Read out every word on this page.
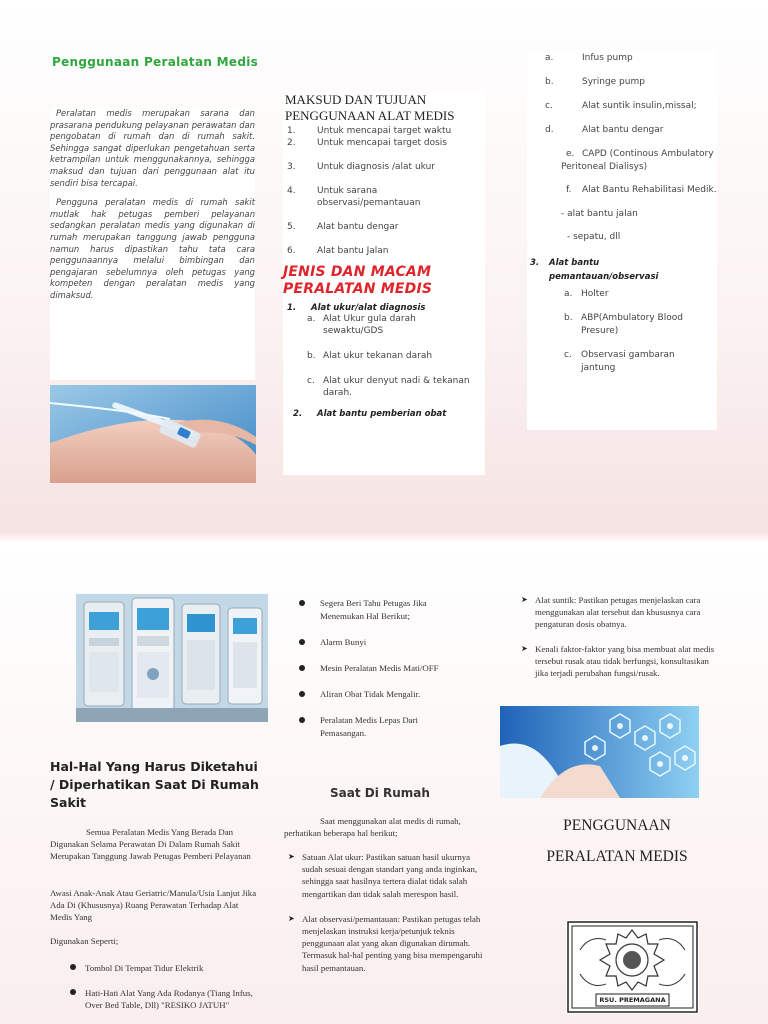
Penggunaan Peralatan Medis

Peralatan medis merupakan sarana dan prasarana pendukung pelayanan perawatan dan pengobatan di rumah dan di rumah sakit. Sehingga sangat diperlukan pengetahuan serta ketrampilan untuk menggunakannya, sehingga maksud dan tujuan dari penggunaan alat itu sendiri bisa tercapai.

Pengguna peralatan medis di rumah sakit mutlak hak petugas pemberi pelayanan sedangkan peralatan medis yang digunakan di rumah merupakan tanggung jawab pengguna namun harus dipastikan tahu tata cara penggunaannya melalui bimbingan dan pengajaran sebelumnya oleh petugas yang kompeten dengan peralatan medis yang dimaksud.

MAKSUD DAN TUJUAN PENGGUNAAN ALAT MEDIS
1. Untuk mencapai target waktu
2. Untuk mencapai target dosis
3. Untuk diagnosis /alat ukur
4. Untuk sarana observasi/pemantauan
5. Alat bantu dengar
6. Alat bantu Jalan
JENIS DAN MACAM PERALATAN MEDIS
1. Alat ukur/alat diagnosis
a. Alat Ukur gula darah sewaktu/GDS
b. Alat ukur tekanan darah
c. Alat ukur denyut nadi & tekanan darah.
2. Alat bantu pemberian obat
a.	Infus pump
b.	Syringe pump
c.	Alat suntik insulin,missal;
d.	Alat bantu dengar
e. CAPD (Continous Ambulatory Peritoneal Dialisys)
f. Alat Bantu Rehabilitasi Medik.
- alat bantu jalan
- sepatu, dll
3. Alat bantu pemantauan/observasi
a. Holter
b. ABP(Ambulatory Blood Presure)
c. Observasi gambaran jantung
Hal-Hal Yang Harus Diketahui / Diperhatikan Saat Di Rumah Sakit

Semua Peralatan Medis Yang Berada Dan Digunakan Selama Perawatan Di Dalam Rumah Sakit Merupakan Tanggung Jawab Petugas Pemberi Pelayanan

Awasi Anak-Anak Atau Geriatric/Manula/Usia Lanjut Jika Ada Di (Khususnya) Ruang Perawatan Terhadap Alat Medis Yang

Digunakan Seperti;

Tombol Di Tempat Tidur Elektrik
Hati-Hati Alat Yang Ada Rodanya (Tiang Infus, Over Bed Table, Dll) "RESIKO JATUH"
Segera Beri Tahu Petugas Jika Menemukan Hal Berikut;
Alarm Bunyi
Mesin Peralatan Medis Mati/OFF
Aliran Obat Tidak Mengalir.
Peralatan Medis Lepas Dari Pemasangan.
Saat Di Rumah

Saat menggunakan alat medis di rumah, perhatikan beberapa hal berikut;

➤ Satuan Alat ukur: Pastikan satuan hasil ukurnya sudah sesuai dengan standart yang anda inginkan, sehingga saat hasilnya tertera dialat tidak salah mengartikan dan tidak salah merespon hasil.
➤ Alat observasi/pemantauan: Pastikan petugas telah menjelaskan instruksi kerja/petunjuk teknis penggunaan alat yang akan digunakan dirumah. Termasuk hal-hal penting yang bisa mempengaruhi hasil pemantauan.
➤ Alat suntik: Pastikan petugas menjelaskan cara menggunakan alat tersebut dan khususnya cara pengaturan dosis obatnya.
➤ Kenali faktor-faktor yang bisa membuat alat medis tersebut rusak atau tidak berfungsi, konsultasikan jika terjadi perubahan fungsi/rusak.
PENGGUNAAN
PERALATAN MEDIS
RSU. PREMAGANA
